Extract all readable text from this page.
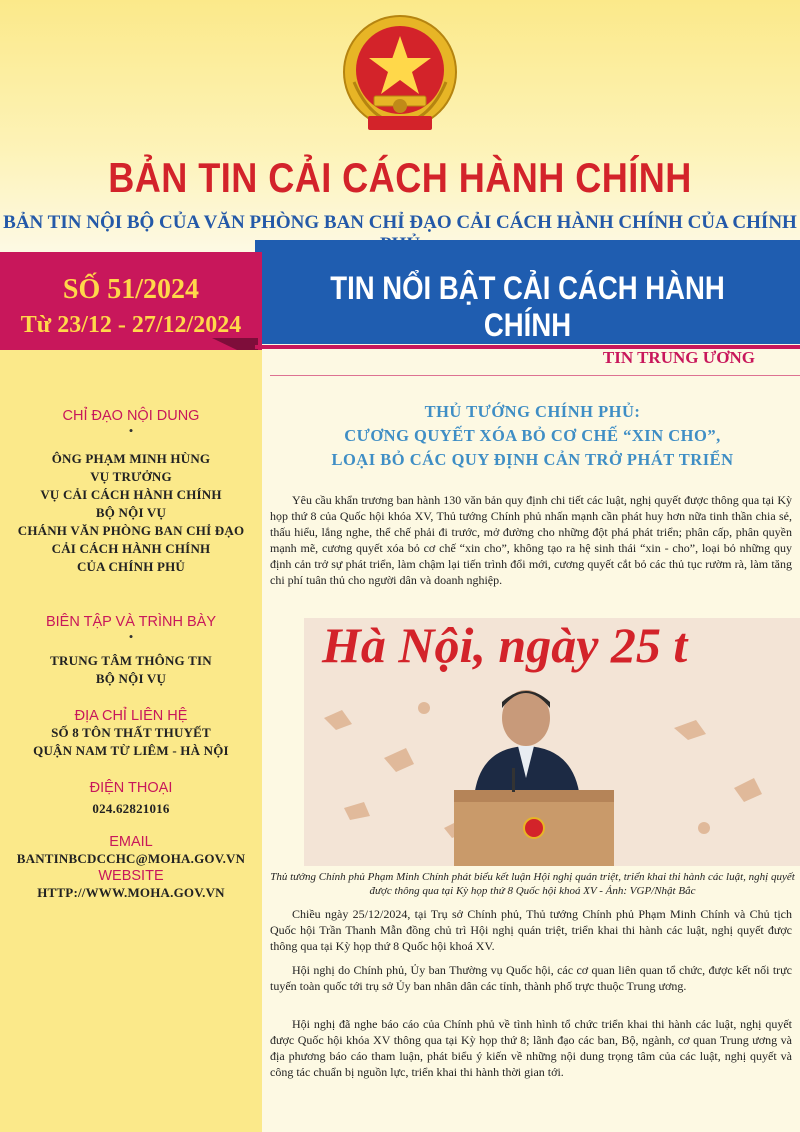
BẢN TIN CẢI CÁCH HÀNH CHÍNH
BẢN TIN NỘI BỘ CỦA VĂN PHÒNG BAN CHỈ ĐẠO CẢI CÁCH HÀNH CHÍNH CỦA CHÍNH
TIN NỔI BẬT CẢI CÁCH HÀNH CHÍNH
SỐ 51/2024
Từ 23/12 - 27/12/2024
CHỈ ĐẠO NỘI DUNG
•
ÔNG PHẠM MINH HÙNG
VỤ TRƯỞNG
VỤ CẢI CÁCH HÀNH CHÍNH
BỘ NỘI VỤ
CHÁNH VĂN PHÒNG BAN CHỈ ĐẠO
CẢI CÁCH HÀNH CHÍNH
CỦA CHÍNH PHỦ
BIÊN TẬP VÀ TRÌNH BÀY
•
TRUNG TÂM THÔNG TIN
BỘ NỘI VỤ
ĐỊA CHỈ LIÊN HỆ
SỐ 8 TÔN THẤT THUYẾT
QUẬN NAM TỪ LIÊM - HÀ NỘI
ĐIỆN THOẠI
024.62821016
EMAIL
BANTINBCDCCHC@MOHA.GOV.VN
WEBSITE
HTTP://WWW.MOHA.GOV.VN
TIN TRUNG ƯƠNG
THỦ TƯỚNG CHÍNH PHỦ:
CƯƠNG QUYẾT XÓA BỎ CƠ CHẾ “XIN CHO”,
LOẠI BỎ CÁC QUY ĐỊNH CẢN TRỞ PHÁT TRIỂN
Yêu cầu khẩn trương ban hành 130 văn bản quy định chi tiết các luật, nghị quyết được thông qua tại Kỳ họp thứ 8 của Quốc hội khóa XV, Thủ tướng Chính phủ nhấn mạnh cần phát huy hơn nữa tinh thần chia sẻ, thấu hiểu, lắng nghe, thể chế phải đi trước, mở đường cho những đột phá phát triển; phân cấp, phân quyền mạnh mẽ, cương quyết xóa bỏ cơ chế “xin cho”, không tạo ra hệ sinh thái “xin - cho”, loại bỏ những quy định cản trở sự phát triển, làm chậm lại tiến trình đổi mới, cương quyết cắt bỏ các thủ tục rườm rà, làm tăng chi phí tuân thủ cho người dân và doanh nghiệp.
Hà Nội, ngày 25 t
Thủ tướng Chính phủ Phạm Minh Chính phát biểu kết luận Hội nghị quán triệt, triển khai thi hành các luật, nghị quyết được thông qua tại Kỳ họp thứ 8 Quốc hội khoá XV - Ảnh: VGP/Nhật Bắc
Chiều ngày 25/12/2024, tại Trụ sở Chính phủ, Thủ tướng Chính phủ Phạm Minh Chính và Chủ tịch Quốc hội Trần Thanh Mẫn đồng chủ trì Hội nghị quán triệt, triển khai thi hành các luật, nghị quyết được thông qua tại Kỳ họp thứ 8 Quốc hội khoá XV.
Hội nghị do Chính phủ, Ủy ban Thường vụ Quốc hội, các cơ quan liên quan tổ chức, được kết nối trực tuyến toàn quốc tới trụ sở Ủy ban nhân dân các tỉnh, thành phố trực thuộc Trung ương.
Hội nghị đã nghe báo cáo của Chính phủ về tình hình tổ chức triển khai thi hành các luật, nghị quyết được Quốc hội khóa XV thông qua tại Kỳ họp thứ 8; lãnh đạo các ban, Bộ, ngành, cơ quan Trung ương và địa phương báo cáo tham luận, phát biểu ý kiến về những nội dung trọng tâm của các luật, nghị quyết và công tác chuẩn bị nguồn lực, triển khai thi hành thời gian tới.
